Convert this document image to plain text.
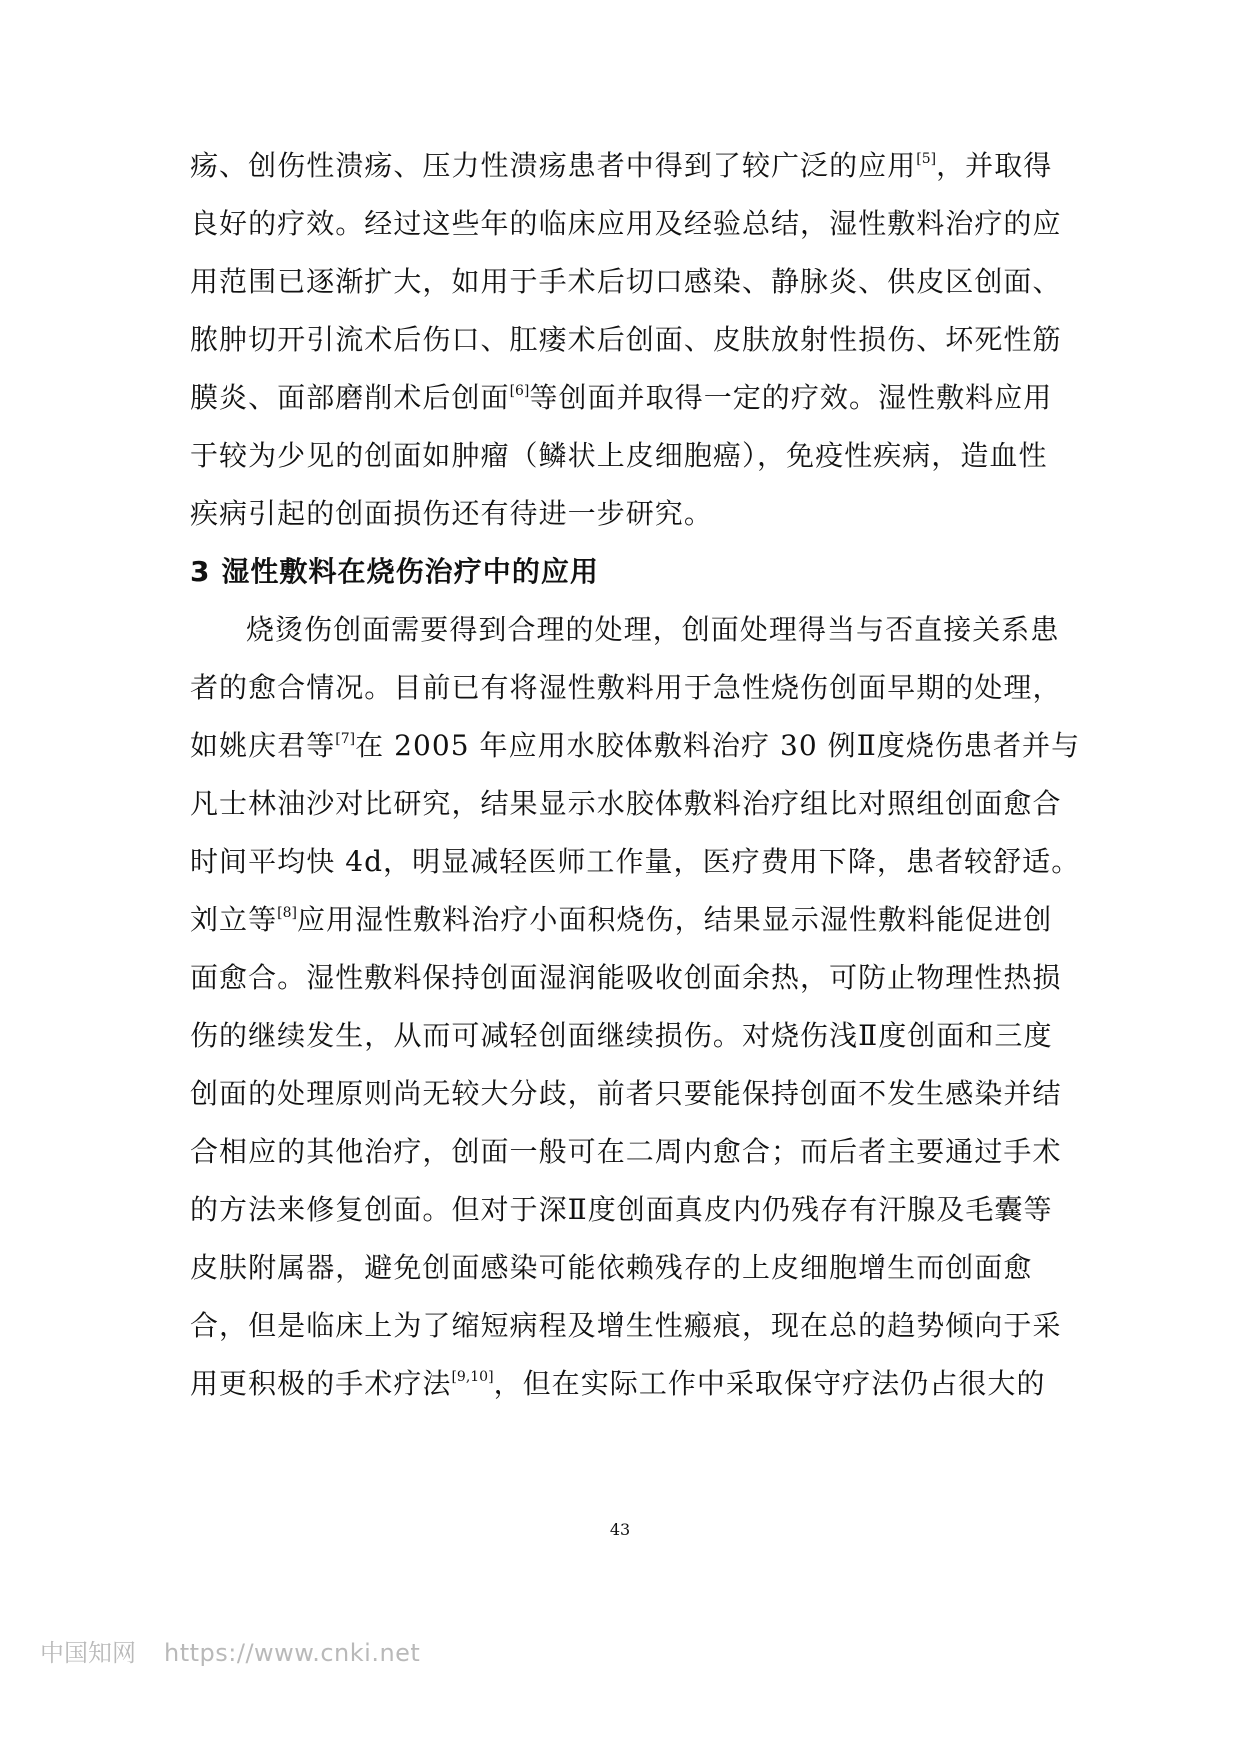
疡、创伤性溃疡、压力性溃疡患者中得到了较广泛的应用[5]，并取得
良好的疗效。经过这些年的临床应用及经验总结，湿性敷料治疗的应
用范围已逐渐扩大，如用于手术后切口感染、静脉炎、供皮区创面、
脓肿切开引流术后伤口、肛瘘术后创面、皮肤放射性损伤、坏死性筋
膜炎、面部磨削术后创面[6]等创面并取得一定的疗效。湿性敷料应用
于较为少见的创面如肿瘤（鳞状上皮细胞癌），免疫性疾病，造血性
疾病引起的创面损伤还有待进一步研究。
3 湿性敷料在烧伤治疗中的应用
烧烫伤创面需要得到合理的处理，创面处理得当与否直接关系患
者的愈合情况。目前已有将湿性敷料用于急性烧伤创面早期的处理，
如姚庆君等[7]在 2005 年应用水胶体敷料治疗 30 例Ⅱ度烧伤患者并与
凡士林油沙对比研究，结果显示水胶体敷料治疗组比对照组创面愈合
时间平均快 4d，明显减轻医师工作量，医疗费用下降，患者较舒适。
刘立等[8]应用湿性敷料治疗小面积烧伤，结果显示湿性敷料能促进创
面愈合。湿性敷料保持创面湿润能吸收创面余热，可防止物理性热损
伤的继续发生，从而可减轻创面继续损伤。对烧伤浅Ⅱ度创面和三度
创面的处理原则尚无较大分歧，前者只要能保持创面不发生感染并结
合相应的其他治疗，创面一般可在二周内愈合；而后者主要通过手术
的方法来修复创面。但对于深Ⅱ度创面真皮内仍残存有汗腺及毛囊等
皮肤附属器，避免创面感染可能依赖残存的上皮细胞增生而创面愈
合，但是临床上为了缩短病程及增生性瘢痕，现在总的趋势倾向于采
用更积极的手术疗法[9,10]，但在实际工作中采取保守疗法仍占很大的
43
中国知网 https://www.cnki.net
